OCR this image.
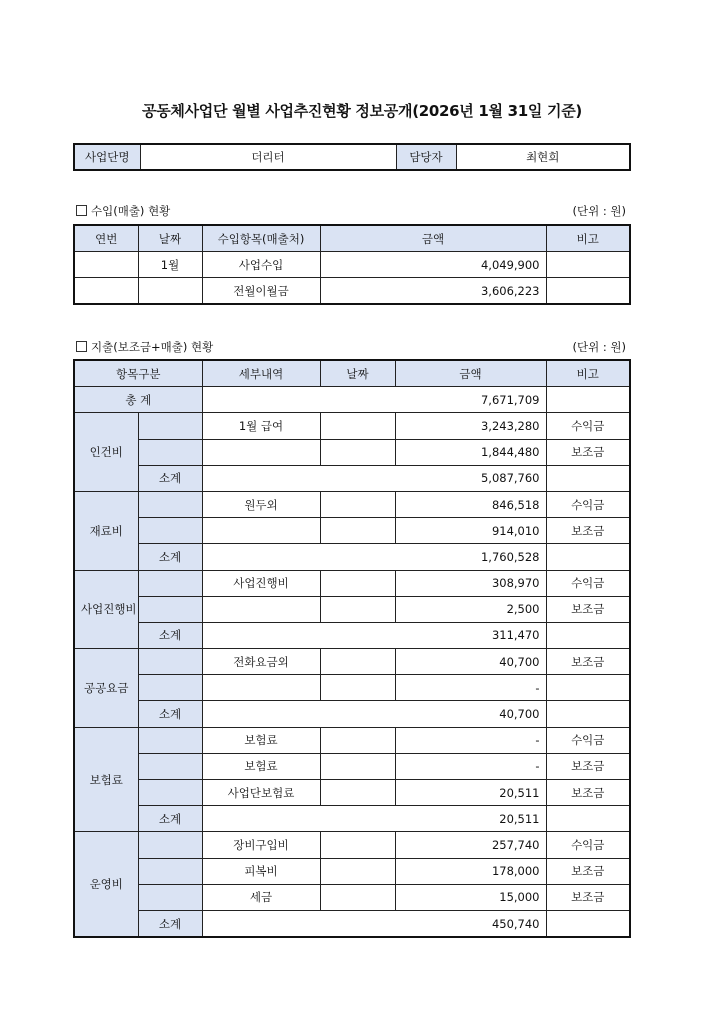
공동체사업단 월별 사업추진현황 정보공개(2026년 1월 31일 기준)
사업단명	더리터	담당자	최현희
수입(매출) 현황	(단위 : 원)
연번	날짜	수입항목(매출처)	금액	비고
	1월	사업수입	4,049,900	
		전월이월금	3,606,223	
지출(보조금+매출) 현황	(단위 : 원)
항목구분		세부내역	날짜	금액	비고
총 계		7,671,709			
인건비		1월 급여		3,243,280	수익금
				1,844,480	보조금
	소계	5,087,760			
재료비		원두외		846,518	수익금
				914,010	보조금
	소계	1,760,528			
사업진행비		사업진행비		308,970	수익금
				2,500	보조금
	소계	311,470			
공공요금		전화요금외		40,700	보조금
				-	
	소계	40,700			
보험료		보험료		-	수익금
		보험료		-	보조금
		사업단보험료		20,511	보조금
	소계	20,511			
운영비		장비구입비		257,740	수익금
		피복비		178,000	보조금
		세금		15,000	보조금
	소계	450,740			
